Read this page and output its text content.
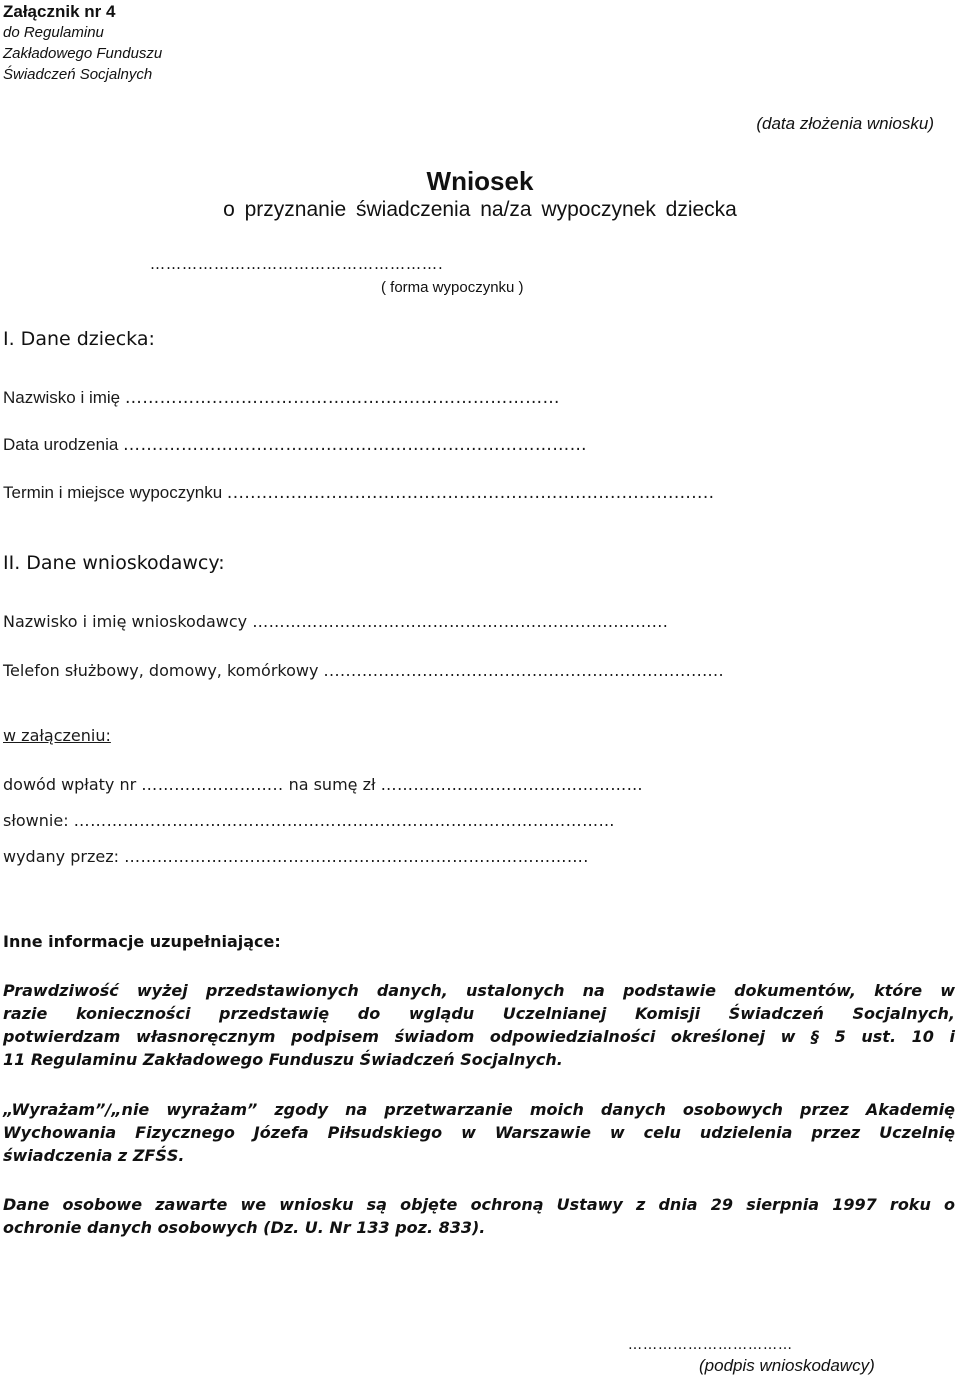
Załącznik nr 4
do Regulaminu
Zakładowego Funduszu
Świadczeń Socjalnych
(data złożenia wniosku)
Wniosek
o przyznanie świadczenia na/za wypoczynek dziecka
……………………………………………….
( forma wypoczynku )
I. Dane dziecka:
Nazwisko i imię ……………..………………………….………………………
Data urodzenia …….……………………………………….………………………
Termin i miejsce wypoczynku ....................................................................................
II. Dane wnioskodawcy:
Nazwisko i imię wnioskodawcy ……………………………………….……........................
Telefon służbowy, domowy, komórkowy .........................................................................
w załączeniu:
dowód wpłaty nr …………………….. na sumę zł …………………………………………
słownie: ………………………………………………………………………………………
wydany przez: ………………………………………………………………………….
Inne informacje uzupełniające:
Prawdziwość wyżej przedstawionych danych, ustalonych na podstawie dokumentów, które w
razie konieczności przedstawię do wglądu Uczelnianej Komisji Świadczeń Socjalnych,
potwierdzam własnoręcznym podpisem świadom odpowiedzialności określonej w § 5 ust. 10 i
11 Regulaminu Zakładowego Funduszu Świadczeń Socjalnych.
„Wyrażam”/„nie wyrażam” zgody na przetwarzanie moich danych osobowych przez Akademię
Wychowania Fizycznego Józefa Piłsudskiego w Warszawie w celu udzielenia przez Uczelnię
świadczenia z ZFŚS.
Dane osobowe zawarte we wniosku są objęte ochroną Ustawy z dnia 29 sierpnia 1997 roku o
ochronie danych osobowych (Dz. U. Nr 133 poz. 833).
……………………………
(podpis wnioskodawcy)
